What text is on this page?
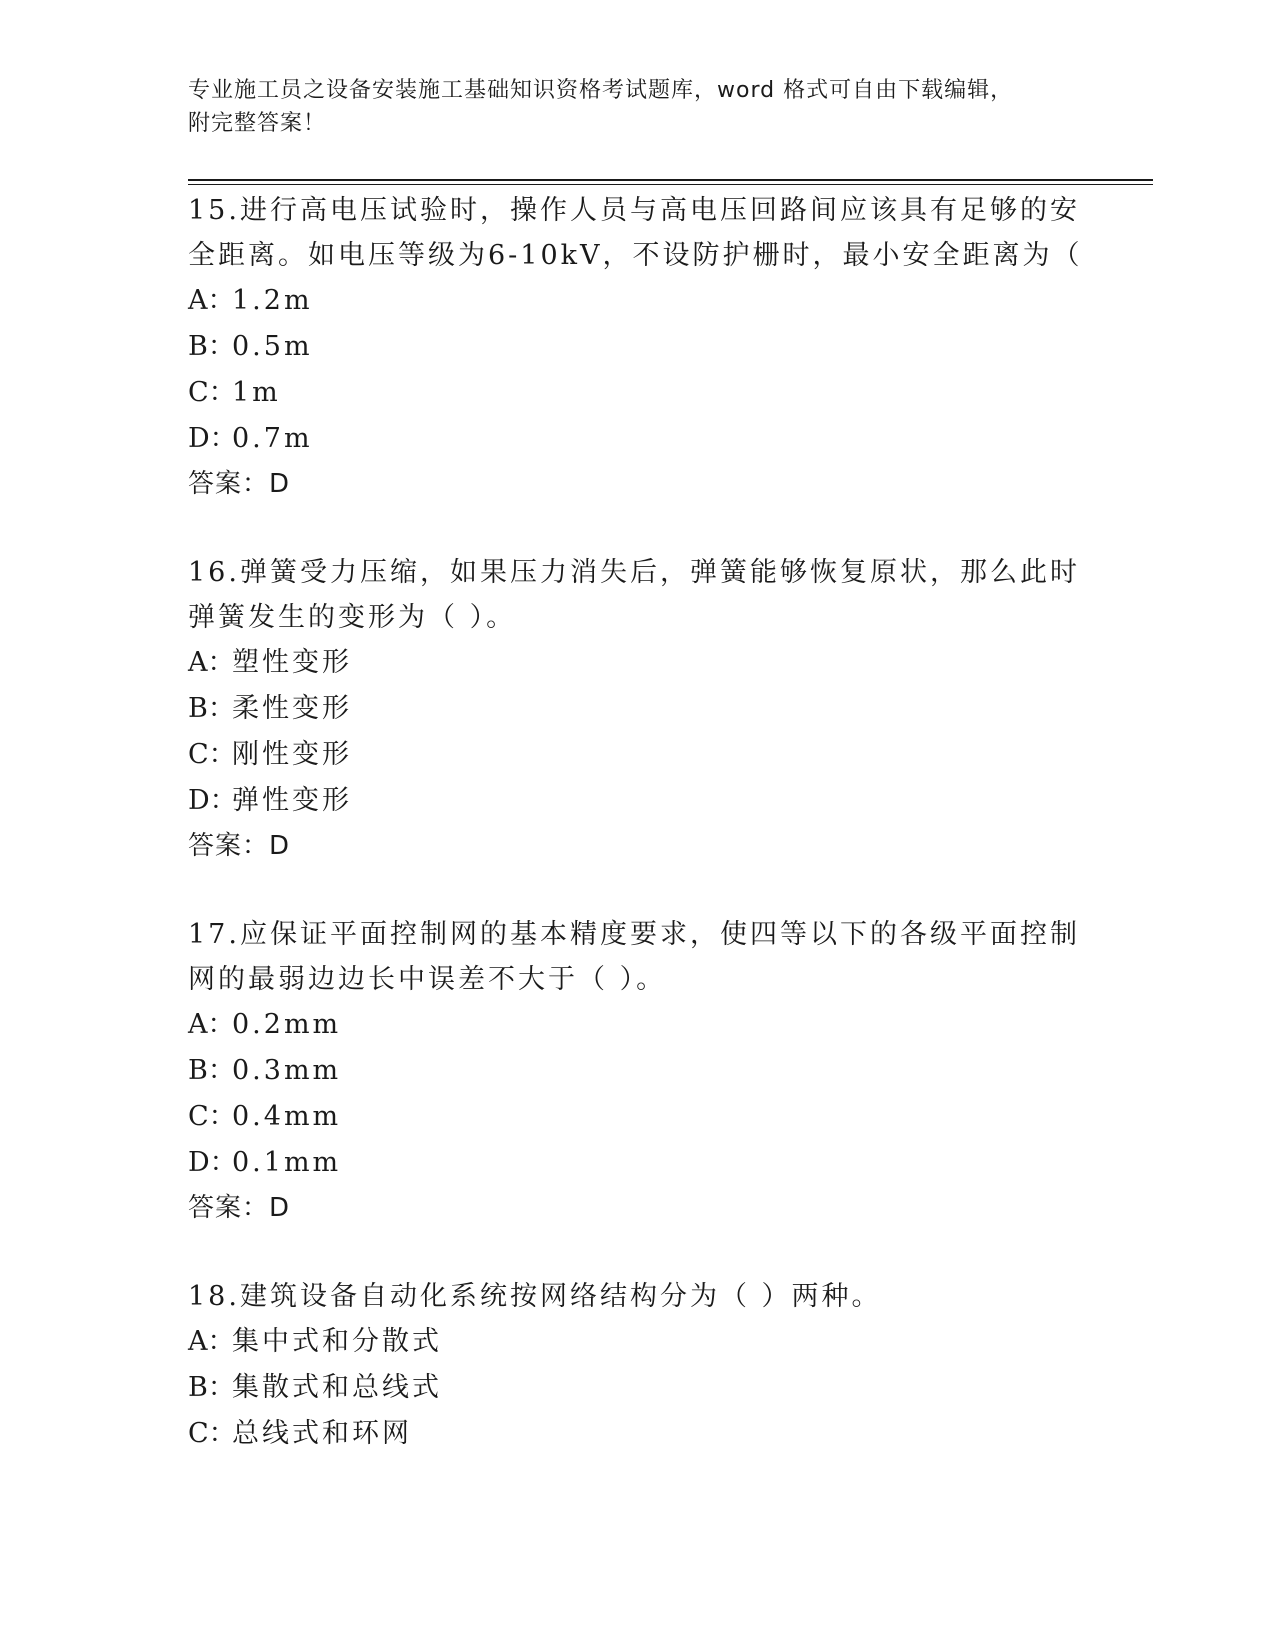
专业施工员之设备安装施工基础知识资格考试题库，word 格式可自由下载编辑，
附完整答案！

15.进行高电压试验时，操作人员与高电压回路间应该具有足够的安全距离。如电压等级为6-10kV，不设防护栅时，最小安全距离为（

A：1.2m

B：0.5m

C：1m

D：0.7m

答案：D

16.弹簧受力压缩，如果压力消失后，弹簧能够恢复原状，那么此时弹簧发生的变形为（ ）。

A：塑性变形

B：柔性变形

C：刚性变形

D：弹性变形

答案：D

17.应保证平面控制网的基本精度要求，使四等以下的各级平面控制网的最弱边边长中误差不大于（ ）。

A：0.2mm

B：0.3mm

C：0.4mm

D：0.1mm

答案：D

18.建筑设备自动化系统按网络结构分为（ ）两种。

A：集中式和分散式

B：集散式和总线式

C：总线式和环网
